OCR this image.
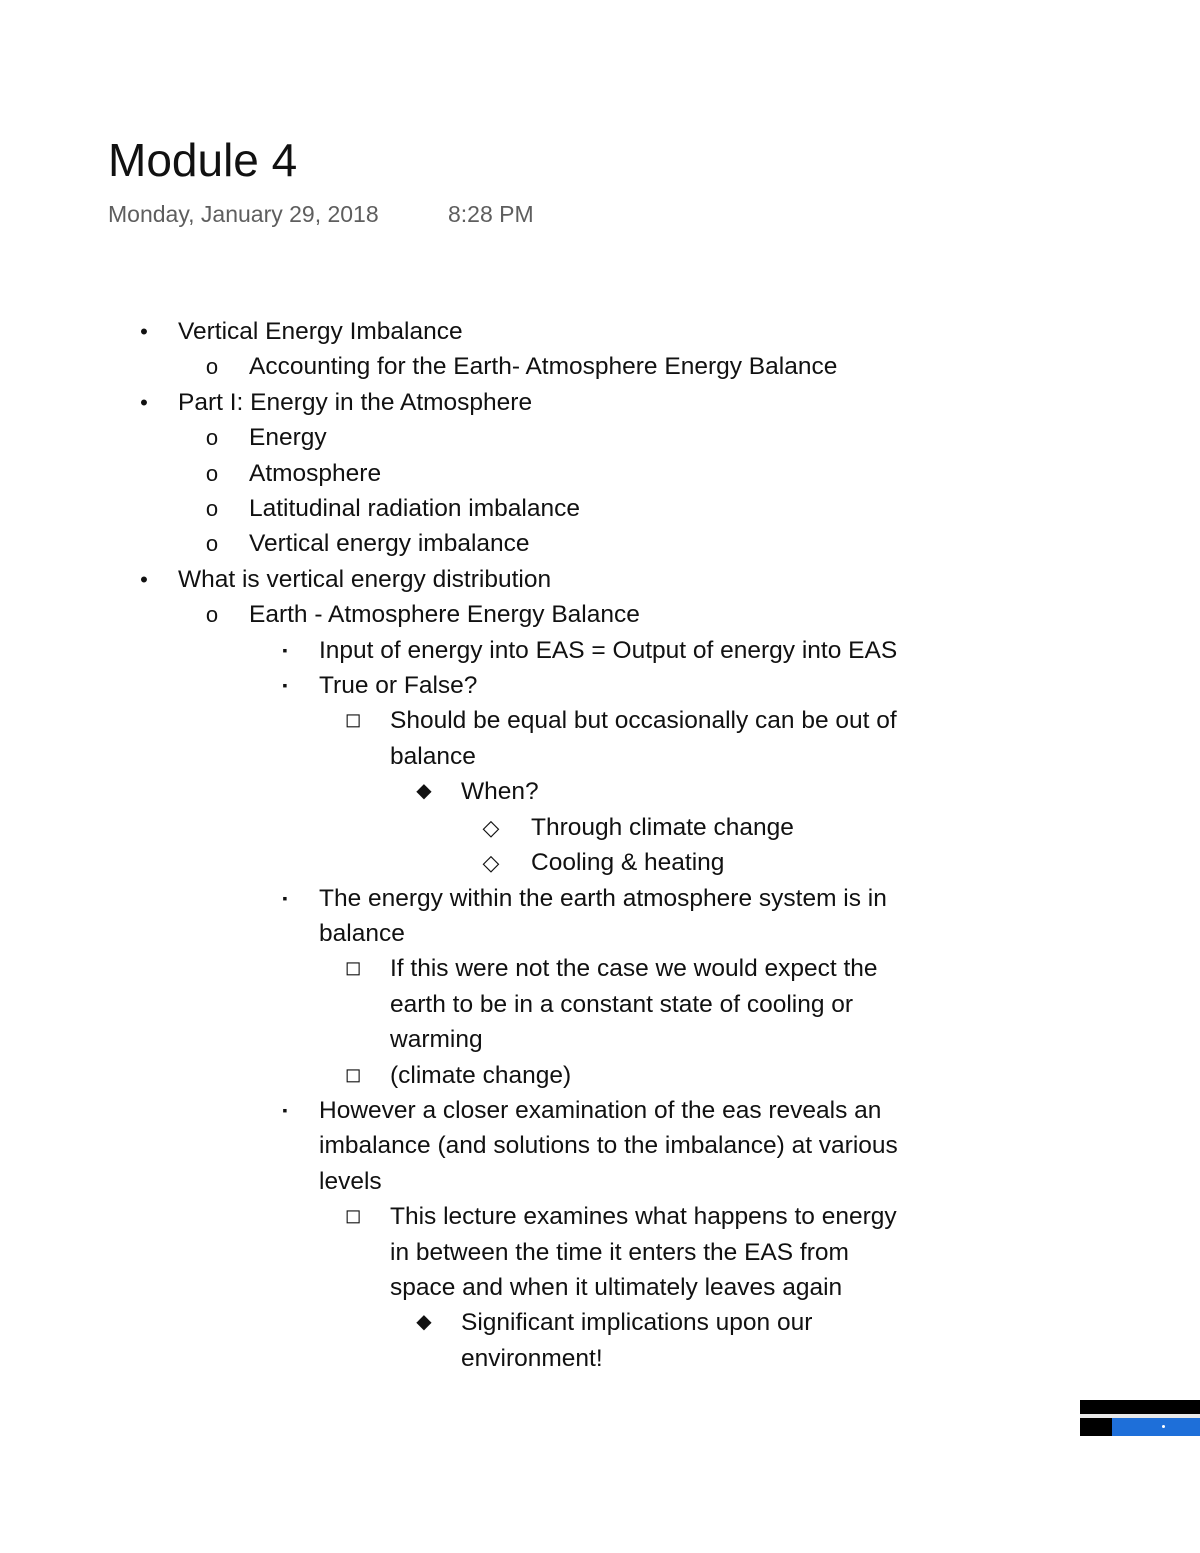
Module 4
Monday, January 29, 2018	8:28 PM
•	Vertical Energy Imbalance
o	Accounting for the Earth- Atmosphere Energy Balance
•	Part I: Energy in the Atmosphere
o	Energy
o	Atmosphere
o	Latitudinal radiation imbalance
o	Vertical energy imbalance
•	What is vertical energy distribution
o	Earth - Atmosphere Energy Balance
▪	Input of energy into EAS = Output of energy into EAS
▪	True or False?
◻	Should be equal but occasionally can be out of balance
◆	When?
◇	Through climate change
◇	Cooling & heating
▪	The energy within the earth atmosphere system is in balance
◻	If this were not the case we would expect the earth to be in a constant state of cooling or warming
◻	(climate change)
▪	However a closer examination of the eas reveals an imbalance (and solutions to the imbalance) at various levels
◻	This lecture examines what happens to energy in between the time it enters the EAS from space and when it ultimately leaves again
◆	Significant implications upon our environment!
